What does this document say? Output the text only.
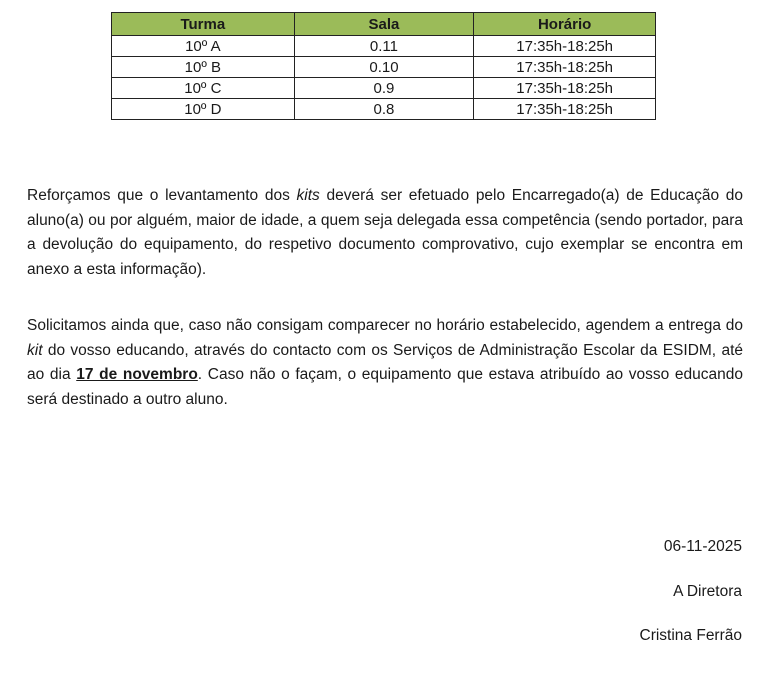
Turma	Sala	Horário
10º A	0.11	17:35h-18:25h
10º B	0.10	17:35h-18:25h
10º C	0.9	17:35h-18:25h
10º D	0.8	17:35h-18:25h

Reforçamos que o levantamento dos kits deverá ser efetuado pelo Encarregado(a) de Educação do aluno(a) ou por alguém, maior de idade, a quem seja delegada essa competência (sendo portador, para a devolução do equipamento, do respetivo documento comprovativo, cujo exemplar se encontra em anexo a esta informação).

Solicitamos ainda que, caso não consigam comparecer no horário estabelecido, agendem a entrega do kit do vosso educando, através do contacto com os Serviços de Administração Escolar da ESIDM, até ao dia 17 de novembro. Caso não o façam, o equipamento que estava atribuído ao vosso educando será destinado a outro aluno.

06-11-2025

A Diretora

Cristina Ferrão
